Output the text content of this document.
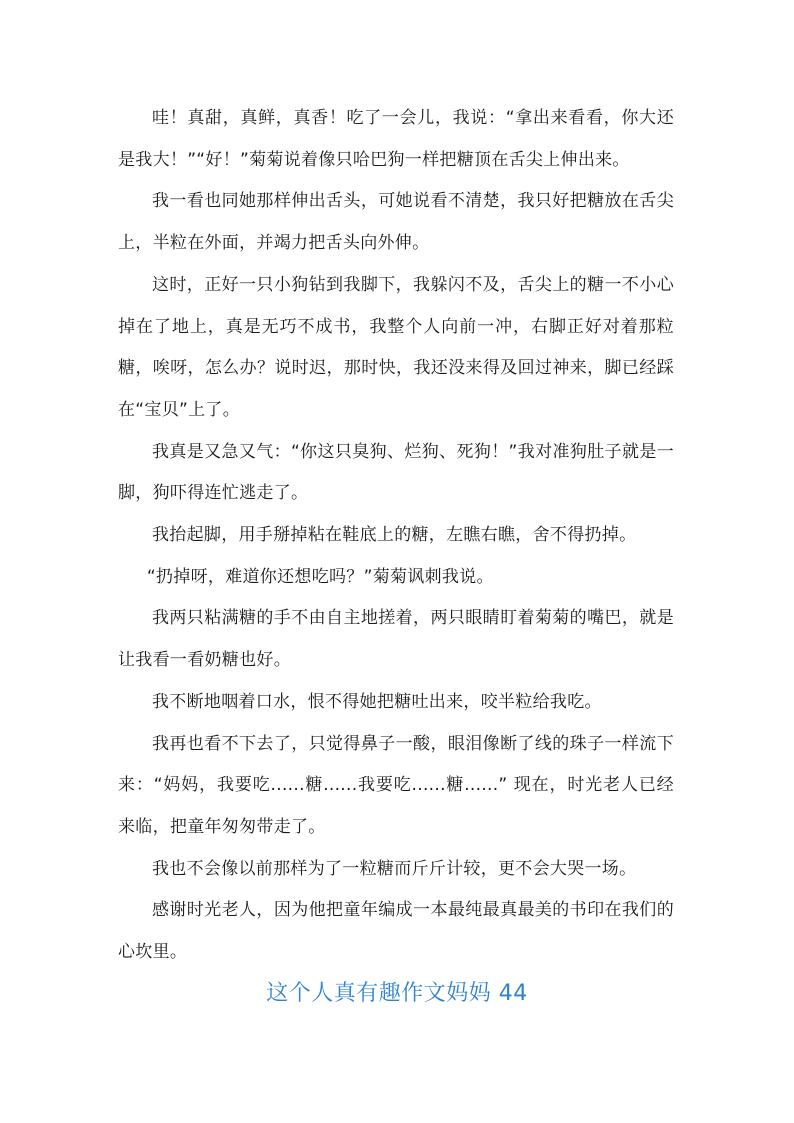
哇！真甜，真鲜，真香！吃了一会儿，我说：“拿出来看看，你大还是我大！”“好！”菊菊说着像只哈巴狗一样把糖顶在舌尖上伸出来。

我一看也同她那样伸出舌头，可她说看不清楚，我只好把糖放在舌尖上，半粒在外面，并竭力把舌头向外伸。

这时，正好一只小狗钻到我脚下，我躲闪不及，舌尖上的糖一不小心掉在了地上，真是无巧不成书，我整个人向前一冲，右脚正好对着那粒糖，唉呀，怎么办？说时迟，那时快，我还没来得及回过神来，脚已经踩在“宝贝”上了。

我真是又急又气：“你这只臭狗、烂狗、死狗！”我对准狗肚子就是一脚，狗吓得连忙逃走了。

我抬起脚，用手掰掉粘在鞋底上的糖，左瞧右瞧，舍不得扔掉。

“扔掉呀，难道你还想吃吗？”菊菊讽刺我说。

我两只粘满糖的手不由自主地搓着，两只眼睛盯着菊菊的嘴巴，就是让我看一看奶糖也好。

我不断地咽着口水，恨不得她把糖吐出来，咬半粒给我吃。

我再也看不下去了，只觉得鼻子一酸，眼泪像断了线的珠子一样流下来：“妈妈，我要吃......糖......我要吃......糖......” 现在，时光老人已经来临，把童年匆匆带走了。

我也不会像以前那样为了一粒糖而斤斤计较，更不会大哭一场。

感谢时光老人，因为他把童年编成一本最纯最真最美的书印在我们的心坎里。

这个人真有趣作文妈妈 44
